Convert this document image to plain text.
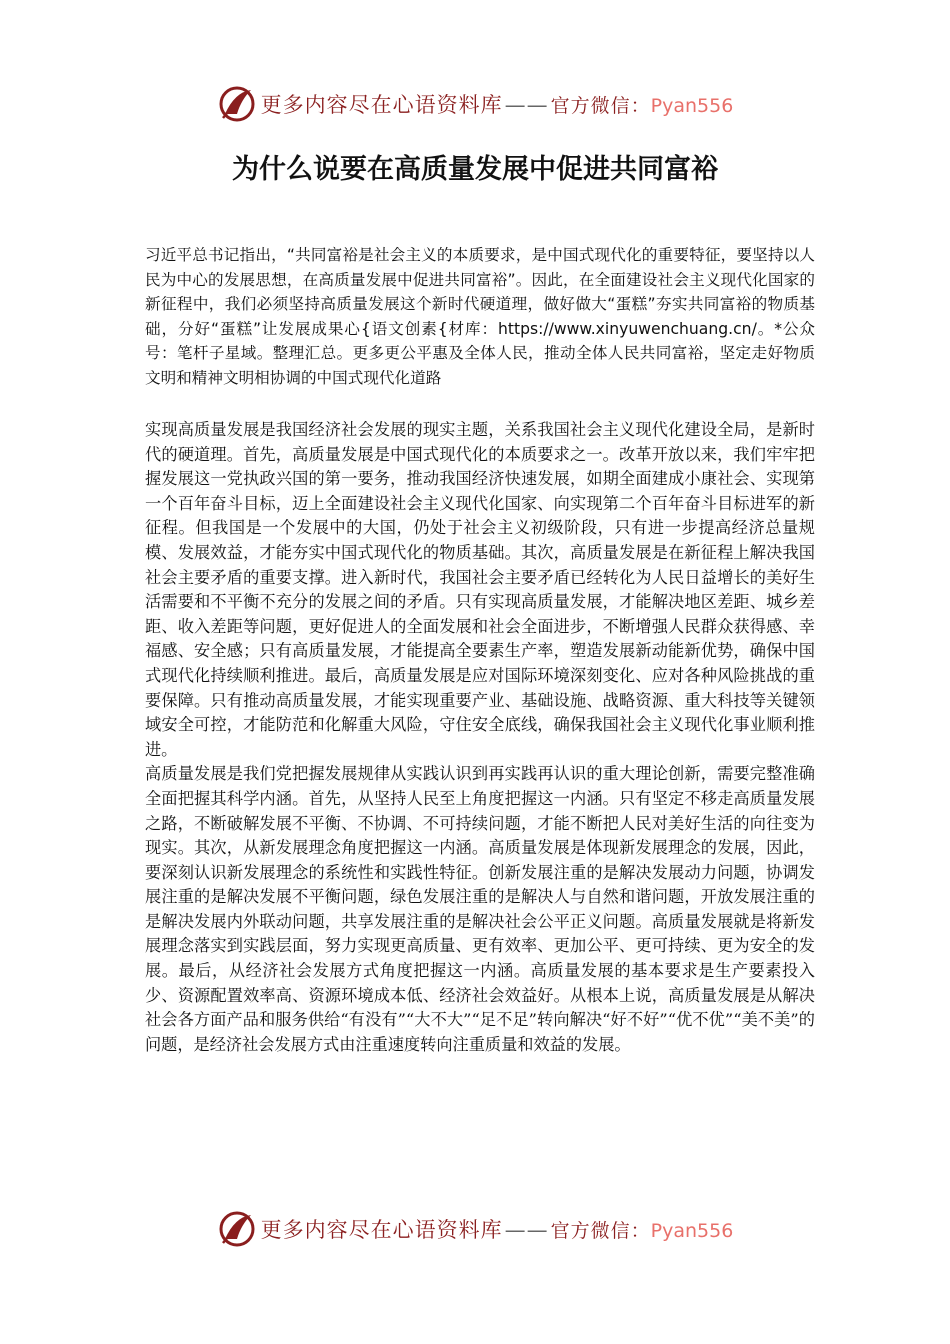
更多内容尽在心语资料库—— 官方微信：Pyan556
为什么说要在高质量发展中促进共同富裕

习近平总书记指出，“共同富裕是社会主义的本质要求，是中国式现代化的重要特征，要坚持以人民为中心的发展思想，在高质量发展中促进共同富裕”。因此，在全面建设社会主义现代化国家的新征程中，我们必须坚持高质量发展这个新时代硬道理，做好做大“蛋糕”夯实共同富裕的物质基础，分好“蛋糕”让发展成果心{语文创素{材库：https://www.xinyuwenchuang.cn/。*公众号：笔杆子星域。整理汇总。更多更公平惠及全体人民，推动全体人民共同富裕，坚定走好物质文明和精神文明相协调的中国式现代化道路

实现高质量发展是我国经济社会发展的现实主题，关系我国社会主义现代化建设全局，是新时代的硬道理。首先，高质量发展是中国式现代化的本质要求之一。改革开放以来，我们牢牢把握发展这一党执政兴国的第一要务，推动我国经济快速发展，如期全面建成小康社会、实现第一个百年奋斗目标，迈上全面建设社会主义现代化国家、向实现第二个百年奋斗目标进军的新征程。但我国是一个发展中的大国，仍处于社会主义初级阶段，只有进一步提高经济总量规模、发展效益，才能夯实中国式现代化的物质基础。其次，高质量发展是在新征程上解决我国社会主要矛盾的重要支撑。进入新时代，我国社会主要矛盾已经转化为人民日益增长的美好生活需要和不平衡不充分的发展之间的矛盾。只有实现高质量发展，才能解决地区差距、城乡差距、收入差距等问题，更好促进人的全面发展和社会全面进步，不断增强人民群众获得感、幸福感、安全感；只有高质量发展，才能提高全要素生产率，塑造发展新动能新优势，确保中国式现代化持续顺利推进。最后，高质量发展是应对国际环境深刻变化、应对各种风险挑战的重要保障。只有推动高质量发展，才能实现重要产业、基础设施、战略资源、重大科技等关键领域安全可控，才能防范和化解重大风险，守住安全底线，确保我国社会主义现代化事业顺利推进。

高质量发展是我们党把握发展规律从实践认识到再实践再认识的重大理论创新，需要完整准确全面把握其科学内涵。首先，从坚持人民至上角度把握这一内涵。只有坚定不移走高质量发展之路，不断破解发展不平衡、不协调、不可持续问题，才能不断把人民对美好生活的向往变为现实。其次，从新发展理念角度把握这一内涵。高质量发展是体现新发展理念的发展，因此，要深刻认识新发展理念的系统性和实践性特征。创新发展注重的是解决发展动力问题，协调发展注重的是解决发展不平衡问题，绿色发展注重的是解决人与自然和谐问题，开放发展注重的是解决发展内外联动问题，共享发展注重的是解决社会公平正义问题。高质量发展就是将新发展理念落实到实践层面，努力实现更高质量、更有效率、更加公平、更可持续、更为安全的发展。最后，从经济社会发展方式角度把握这一内涵。高质量发展的基本要求是生产要素投入少、资源配置效率高、资源环境成本低、经济社会效益好。从根本上说，高质量发展是从解决社会各方面产品和服务供给“有没有”“大不大”“足不足”转向解决“好不好”“优不优”“美不美”的问题，是经济社会发展方式由注重速度转向注重质量和效益的发展。

更多内容尽在心语资料库—— 官方微信：Pyan556
